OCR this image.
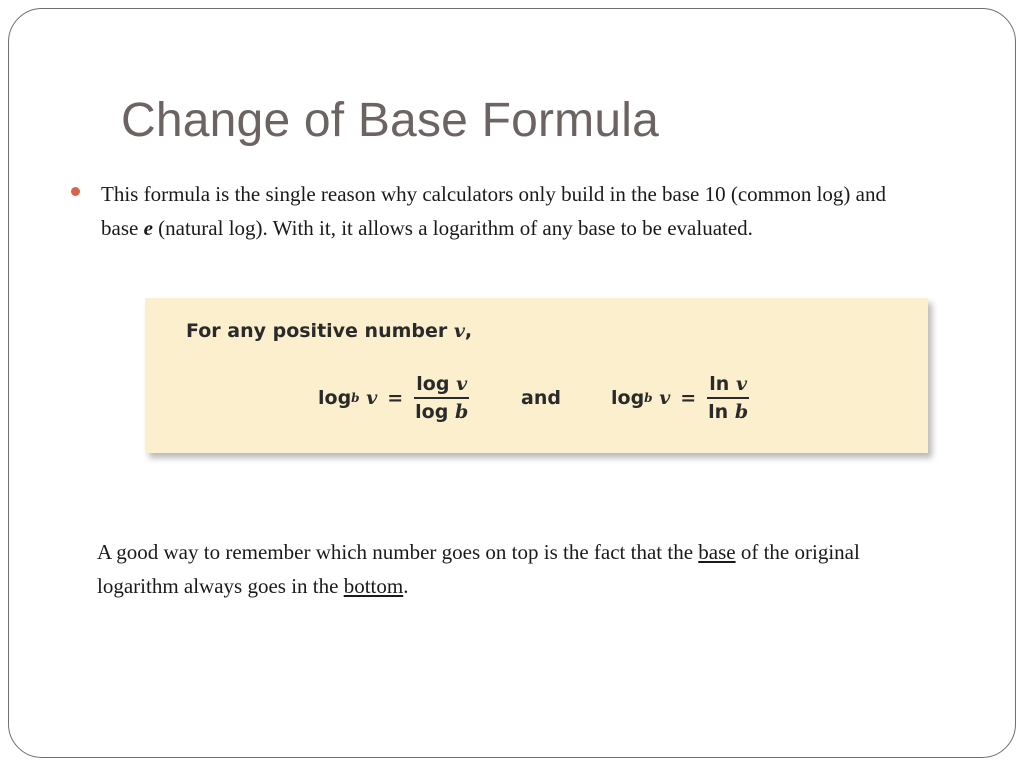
Change of Base Formula
This formula is the single reason why calculators only build in the base 10 (common log) and base e (natural log). With it, it allows a logarithm of any base to be evaluated.
For any positive number v,
log b
$v = \frac{\text{log v}}{\text{log b}}$	and	log b
$v = \frac{\text{ln v}}{\text{ln b}}$
A good way to remember which number goes on top is the fact that the base of the original logarithm always goes in the bottom.
